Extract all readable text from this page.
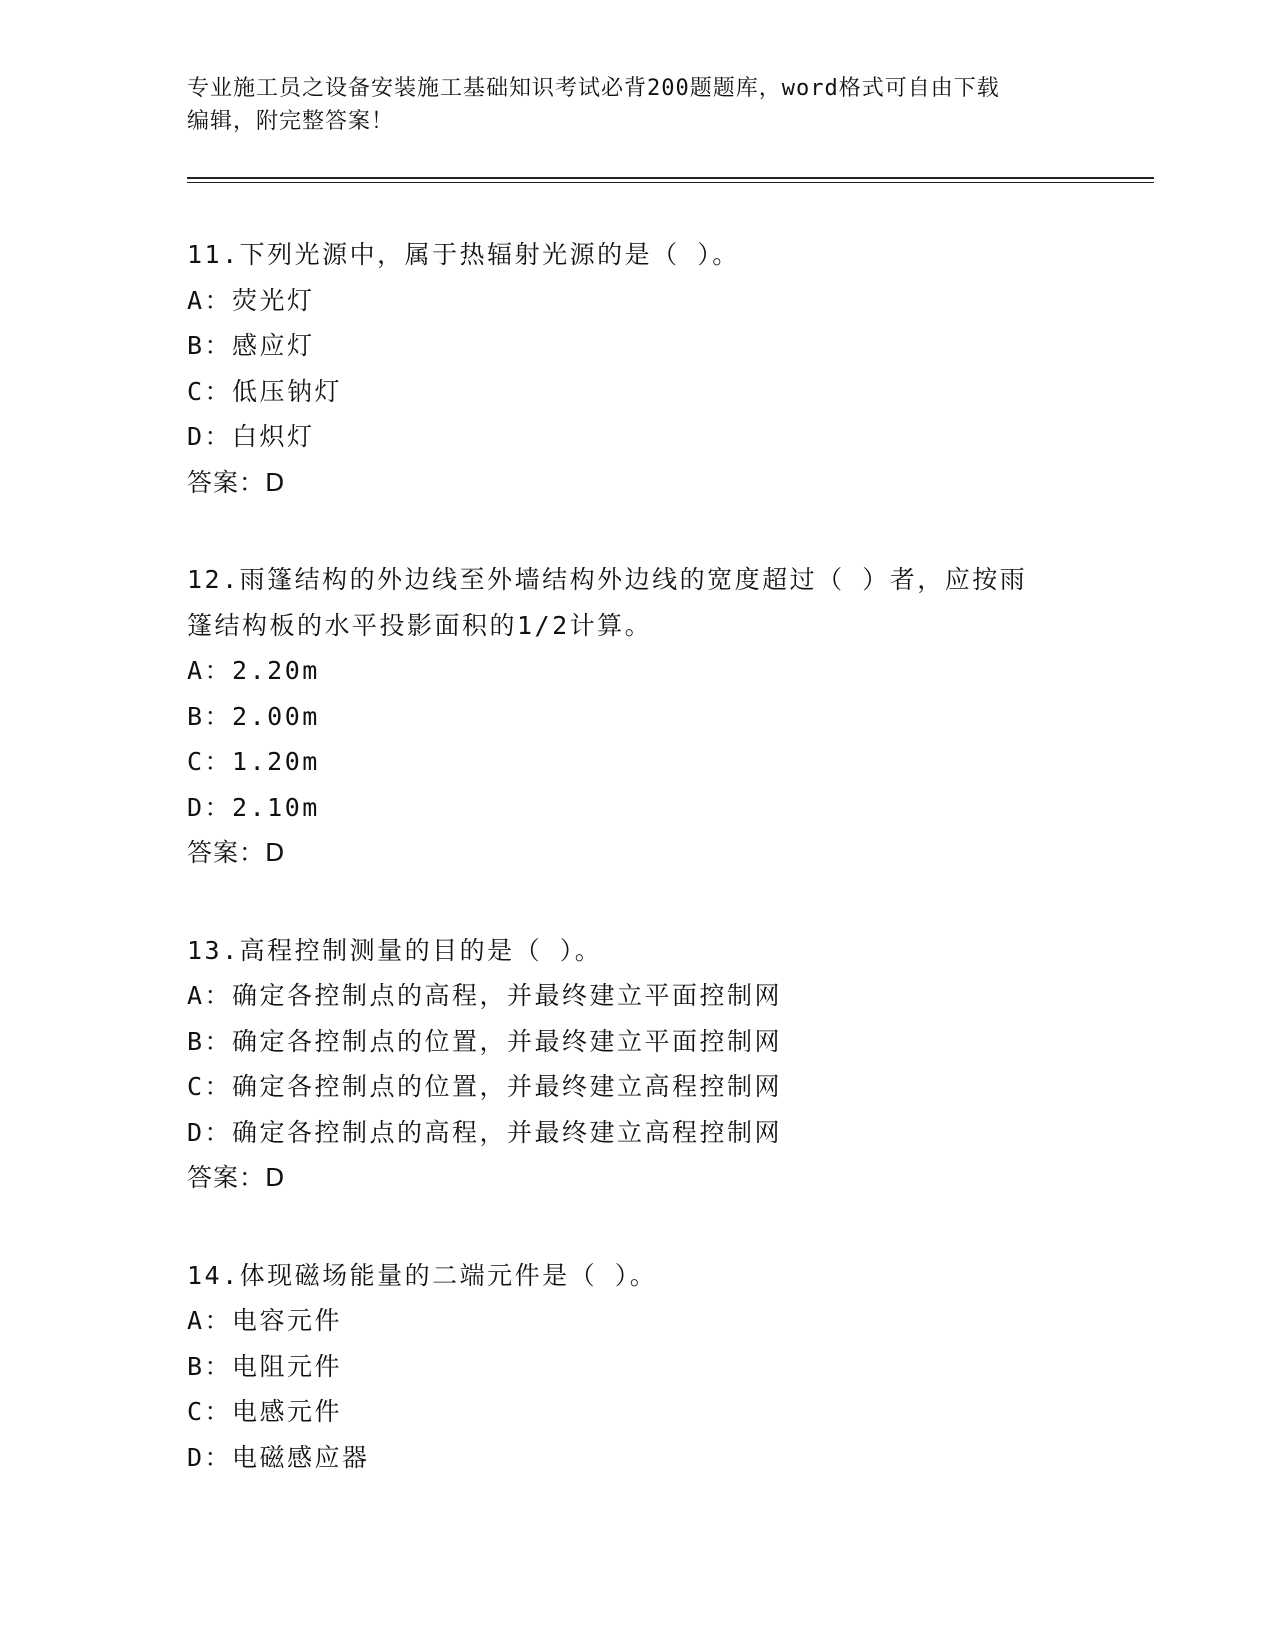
专业施工员之设备安装施工基础知识考试必背200题题库，word格式可自由下载
编辑，附完整答案！

11.下列光源中，属于热辐射光源的是（ ）。

A：荧光灯

B：感应灯

C：低压钠灯

D：白炽灯

答案：D

12.雨篷结构的外边线至外墙结构外边线的宽度超过（ ）者，应按雨

篷结构板的水平投影面积的1/2计算。

A：2.20m

B：2.00m

C：1.20m

D：2.10m

答案：D

13.高程控制测量的目的是（ ）。

A：确定各控制点的高程，并最终建立平面控制网

B：确定各控制点的位置，并最终建立平面控制网

C：确定各控制点的位置，并最终建立高程控制网

D：确定各控制点的高程，并最终建立高程控制网

答案：D

14.体现磁场能量的二端元件是（ ）。

A：电容元件

B：电阻元件

C：电感元件

D：电磁感应器
